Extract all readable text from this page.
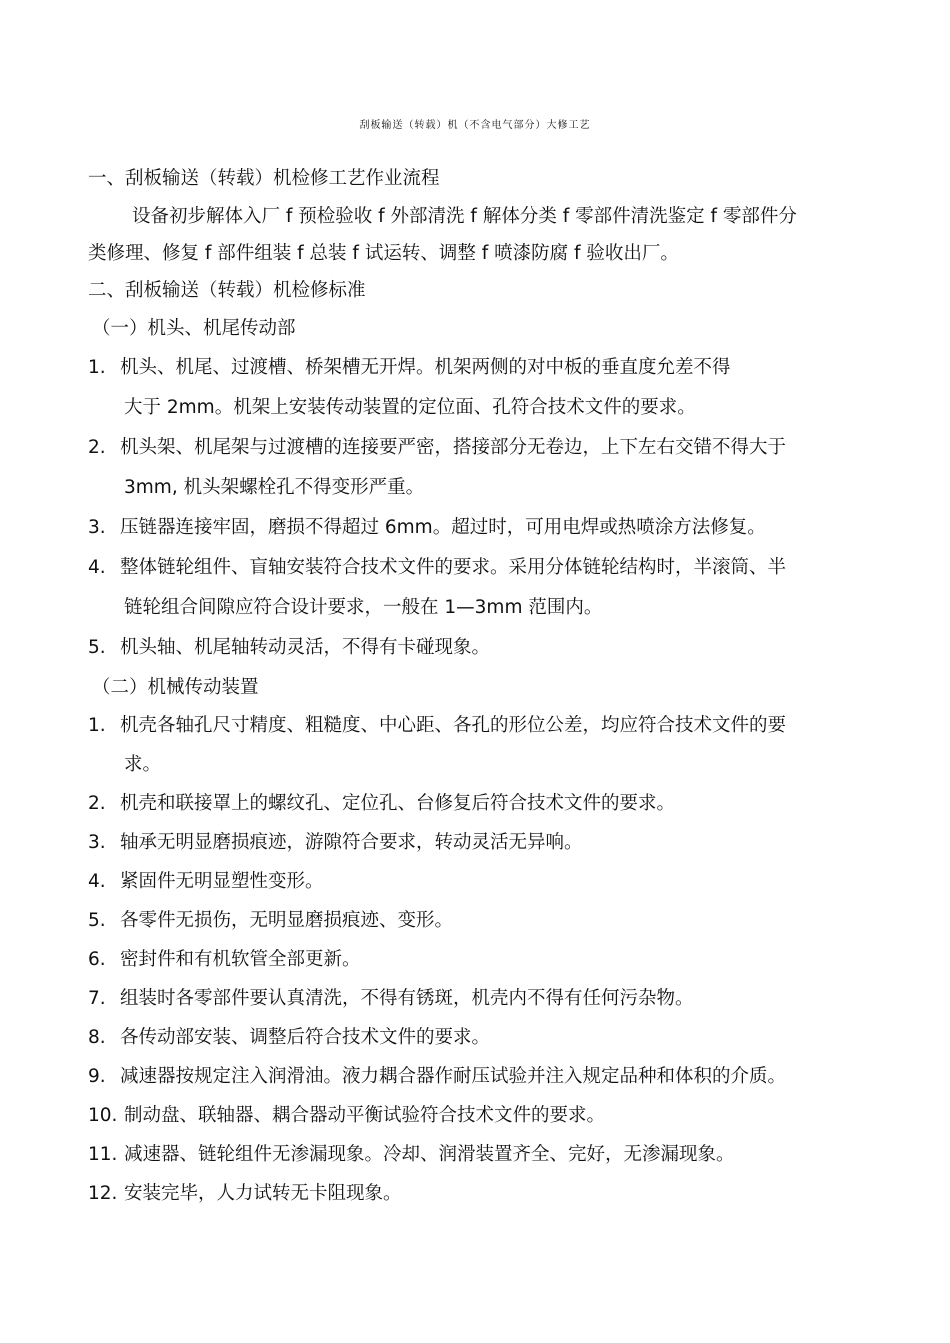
刮板输送（转载）机（不含电气部分）大修工艺
一、刮板输送（转载）机检修工艺作业流程
设备初步解体入厂 f 预检验收 f 外部清洗 f 解体分类 f 零部件清洗鉴定 f 零部件分
类修理、修复 f 部件组装 f 总装 f 试运转、调整 f 喷漆防腐 f 验收出厂。
二、刮板输送（转载）机检修标准
（一）机头、机尾传动部
1. 机头、机尾、过渡槽、桥架槽无开焊。机架两侧的对中板的垂直度允差不得
大于 2mm。机架上安装传动装置的定位面、孔符合技术文件的要求。
2. 机头架、机尾架与过渡槽的连接要严密，搭接部分无卷边，上下左右交错不得大于
3mm, 机头架螺栓孔不得变形严重。
3. 压链器连接牢固，磨损不得超过 6mm。超过时，可用电焊或热喷涂方法修复。
4. 整体链轮组件、盲轴安装符合技术文件的要求。采用分体链轮结构时，半滚筒、半
链轮组合间隙应符合设计要求，一般在 1—3mm 范围内。
5. 机头轴、机尾轴转动灵活，不得有卡碰现象。
（二）机械传动装置
1. 机壳各轴孔尺寸精度、粗糙度、中心距、各孔的形位公差，均应符合技术文件的要
求。
2. 机壳和联接罩上的螺纹孔、定位孔、台修复后符合技术文件的要求。
3. 轴承无明显磨损痕迹，游隙符合要求，转动灵活无异响。
4. 紧固件无明显塑性变形。
5. 各零件无损伤，无明显磨损痕迹、变形。
6. 密封件和有机软管全部更新。
7. 组装时各零部件要认真清洗，不得有锈斑，机壳内不得有任何污杂物。
8. 各传动部安装、调整后符合技术文件的要求。
9. 减速器按规定注入润滑油。液力耦合器作耐压试验并注入规定品种和体积的介质。
10. 制动盘、联轴器、耦合器动平衡试验符合技术文件的要求。
11. 减速器、链轮组件无渗漏现象。冷却、润滑装置齐全、完好，无渗漏现象。
12. 安装完毕，人力试转无卡阻现象。
